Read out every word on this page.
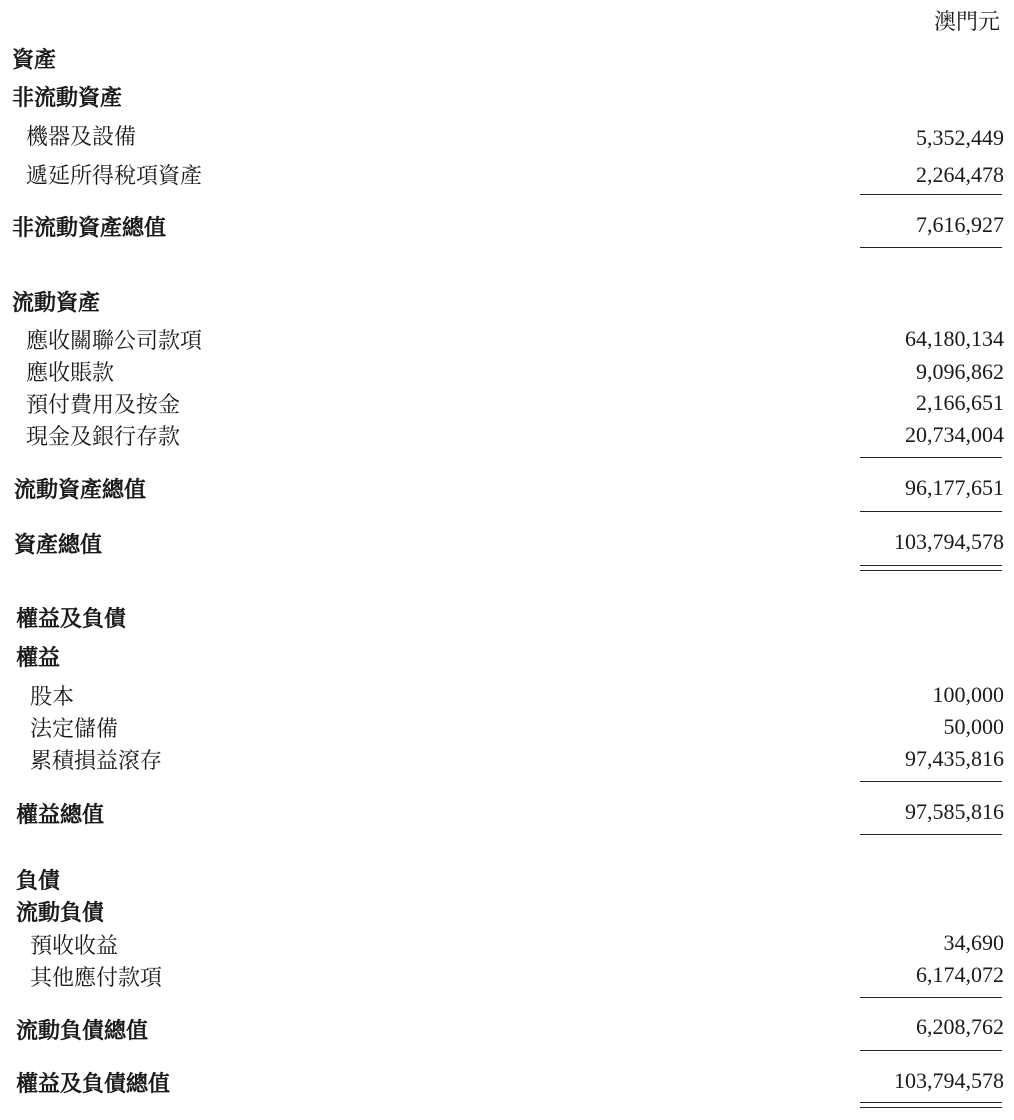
澳門元
資產
非流動資產
機器及設備	5,352,449
遞延所得稅項資產	2,264,478
非流動資產總值	7,616,927
流動資產
應收關聯公司款項	64,180,134
應收賬款	9,096,862
預付費用及按金	2,166,651
現金及銀行存款	20,734,004
流動資產總值	96,177,651
資產總值	103,794,578
權益及負債
權益
股本	100,000
法定儲備	50,000
累積損益滾存	97,435,816
權益總值	97,585,816
負債
流動負債
預收收益	34,690
其他應付款項	6,174,072
流動負債總值	6,208,762
權益及負債總值	103,794,578
